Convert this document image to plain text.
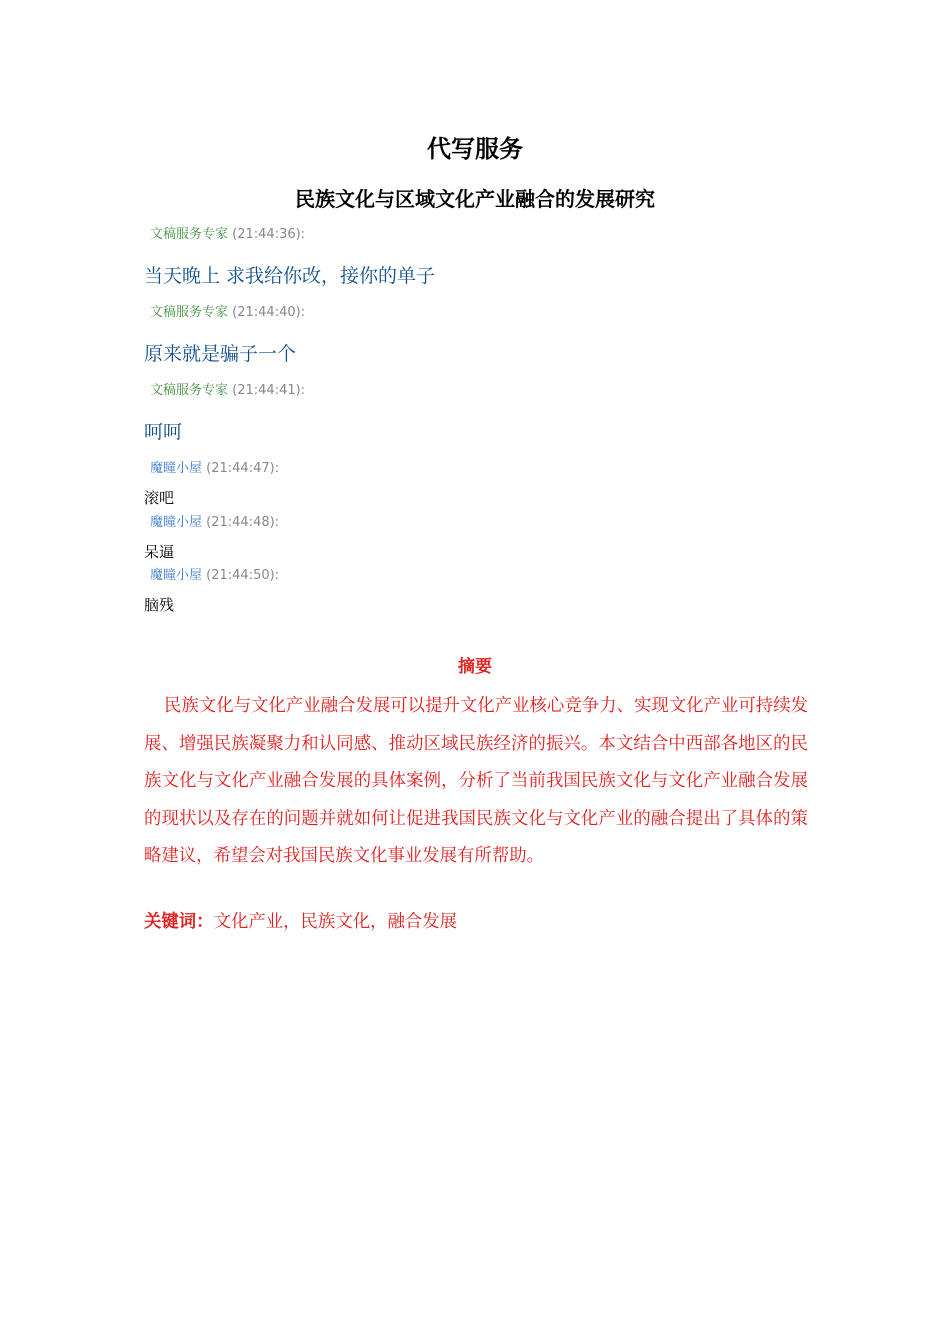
代写服务
民族文化与区域文化产业融合的发展研究
文稿服务专家 (21:44:36):
当天晚上 求我给你改，接你的单子
文稿服务专家 (21:44:40):
原来就是骗子一个
文稿服务专家 (21:44:41):
呵呵
魔瞳小屋 (21:44:47):
滚吧
魔瞳小屋 (21:44:48):
呆逼
魔瞳小屋 (21:44:50):
脑残
摘要

民族文化与文化产业融合发展可以提升文化产业核心竞争力、实现文化产业可持续发展、增强民族凝聚力和认同感、推动区域民族经济的振兴。本文结合中西部各地区的民族文化与文化产业融合发展的具体案例，分析了当前我国民族文化与文化产业融合发展的现状以及存在的问题并就如何让促进我国民族文化与文化产业的融合提出了具体的策略建议，希望会对我国民族文化事业发展有所帮助。

关键词：文化产业，民族文化，融合发展
